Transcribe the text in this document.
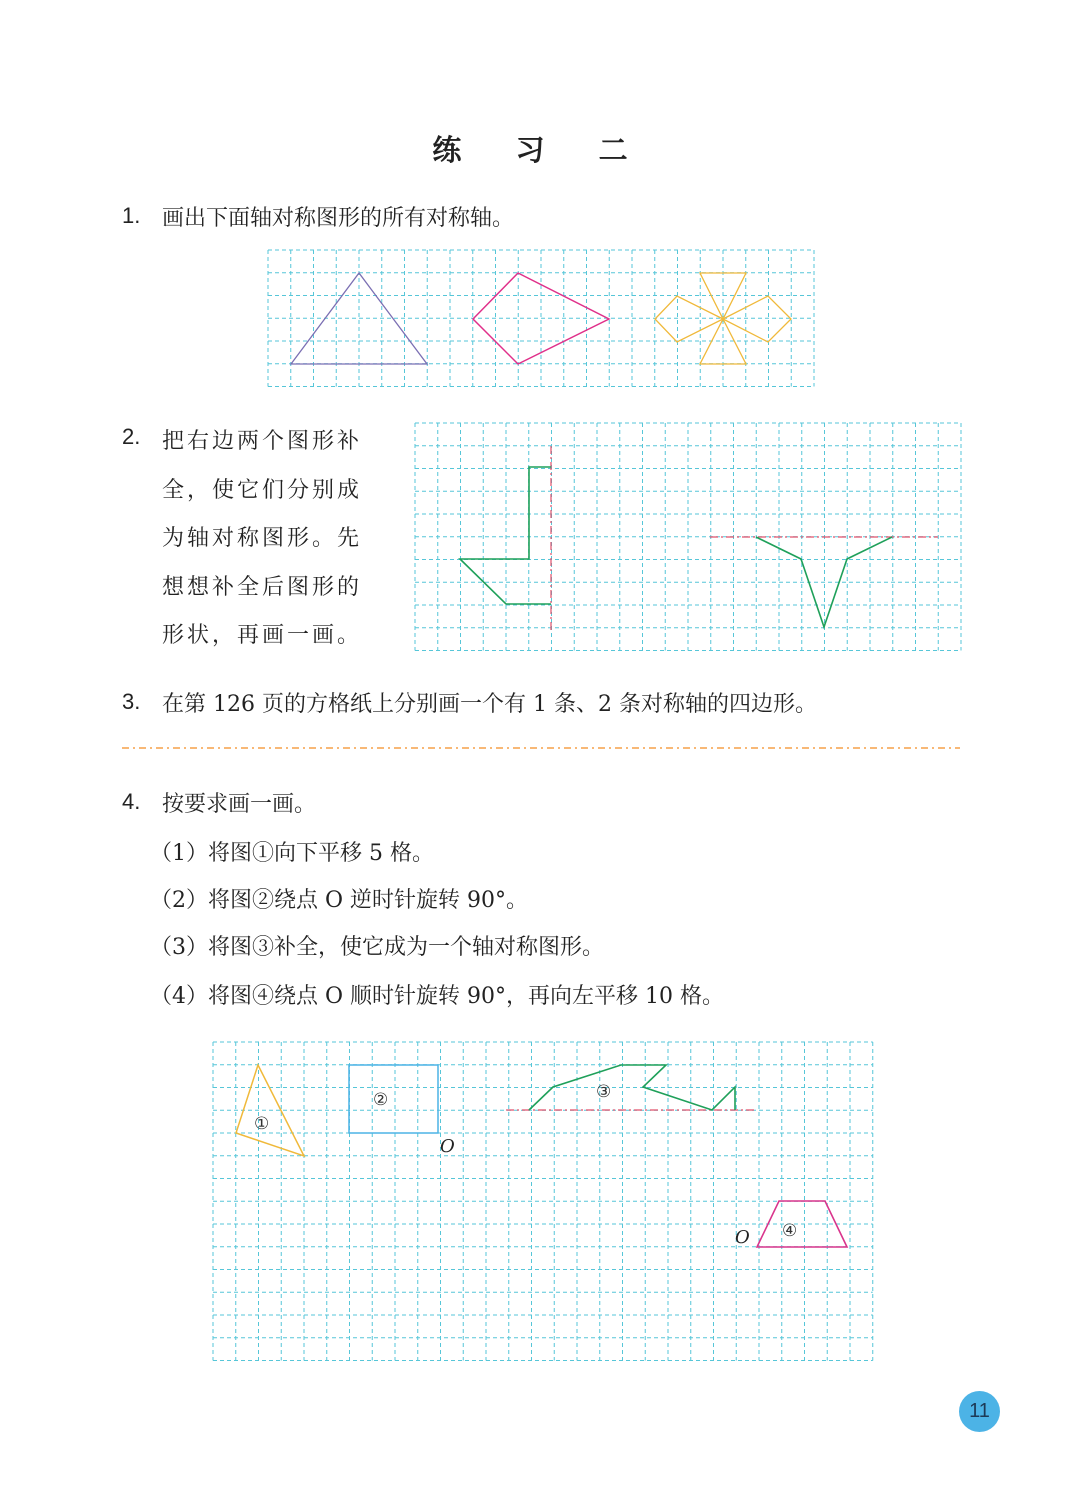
练 习 二
1. 画出下面轴对称图形的所有对称轴。
2. 把右边两个图形补
全，使它们分别成
为轴对称图形。先
想想补全后图形的
形状，再画一画。
3. 在第 126 页的方格纸上分别画一个有 1 条、2 条对称轴的四边形。
4. 按要求画一画。
（1）将图①向下平移 5 格。
（2）将图②绕点 O 逆时针旋转 90°。
（3）将图③补全，使它成为一个轴对称图形。
（4）将图④绕点 O 顺时针旋转 90°，再向左平移 10 格。
①
②
O
③
④
O
11
